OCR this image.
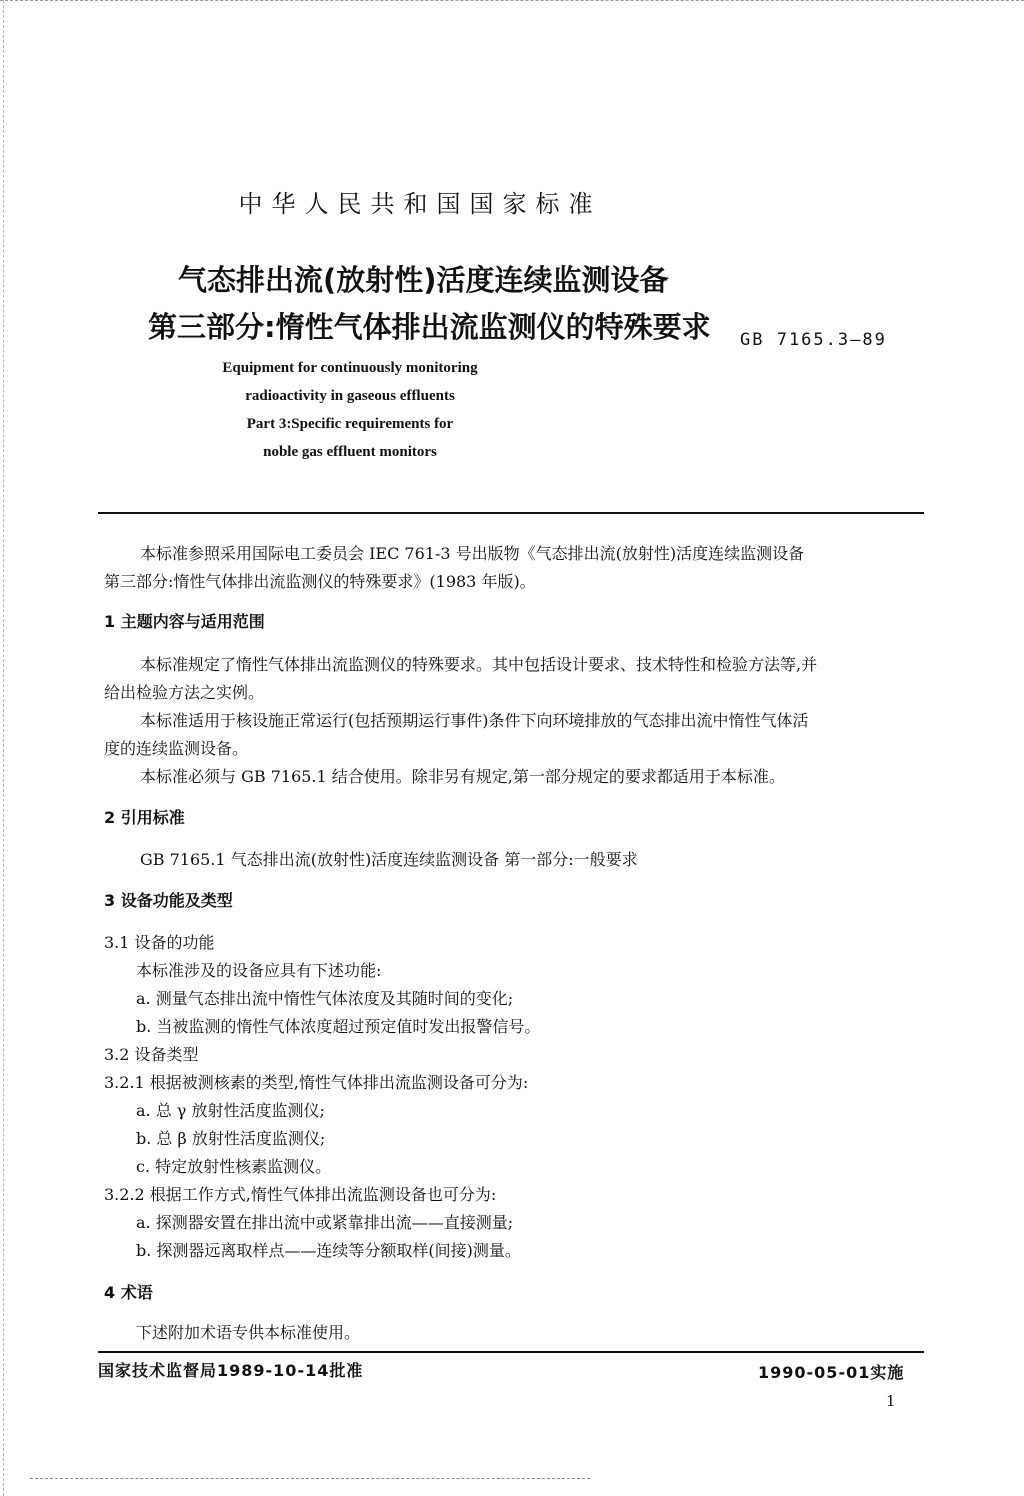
中华人民共和国国家标准
气态排出流(放射性)活度连续监测设备
第三部分:惰性气体排出流监测仪的特殊要求 GB 7165.3—89
Equipment for continuously monitoring
radioactivity in gaseous effluents
Part 3:Specific requirements for
noble gas effluent monitors
本标准参照采用国际电工委员会 IEC 761-3 号出版物《气态排出流(放射性)活度连续监测设备
第三部分:惰性气体排出流监测仪的特殊要求》(1983 年版)。
1 主题内容与适用范围
本标准规定了惰性气体排出流监测仪的特殊要求。其中包括设计要求、技术特性和检验方法等,并
给出检验方法之实例。
本标准适用于核设施正常运行(包括预期运行事件)条件下向环境排放的气态排出流中惰性气体活
度的连续监测设备。
本标准必须与 GB 7165.1 结合使用。除非另有规定,第一部分规定的要求都适用于本标准。
2 引用标准
GB 7165.1 气态排出流(放射性)活度连续监测设备 第一部分:一般要求
3 设备功能及类型
3.1 设备的功能
本标准涉及的设备应具有下述功能:
a. 测量气态排出流中惰性气体浓度及其随时间的变化;
b. 当被监测的惰性气体浓度超过预定值时发出报警信号。
3.2 设备类型
3.2.1 根据被测核素的类型,惰性气体排出流监测设备可分为:
a. 总 γ 放射性活度监测仪;
b. 总 β 放射性活度监测仪;
c. 特定放射性核素监测仪。
3.2.2 根据工作方式,惰性气体排出流监测设备也可分为:
a. 探测器安置在排出流中或紧靠排出流——直接测量;
b. 探测器远离取样点——连续等分额取样(间接)测量。
4 术语
下述附加术语专供本标准使用。
国家技术监督局1989-10-14批准	1990-05-01实施
1
